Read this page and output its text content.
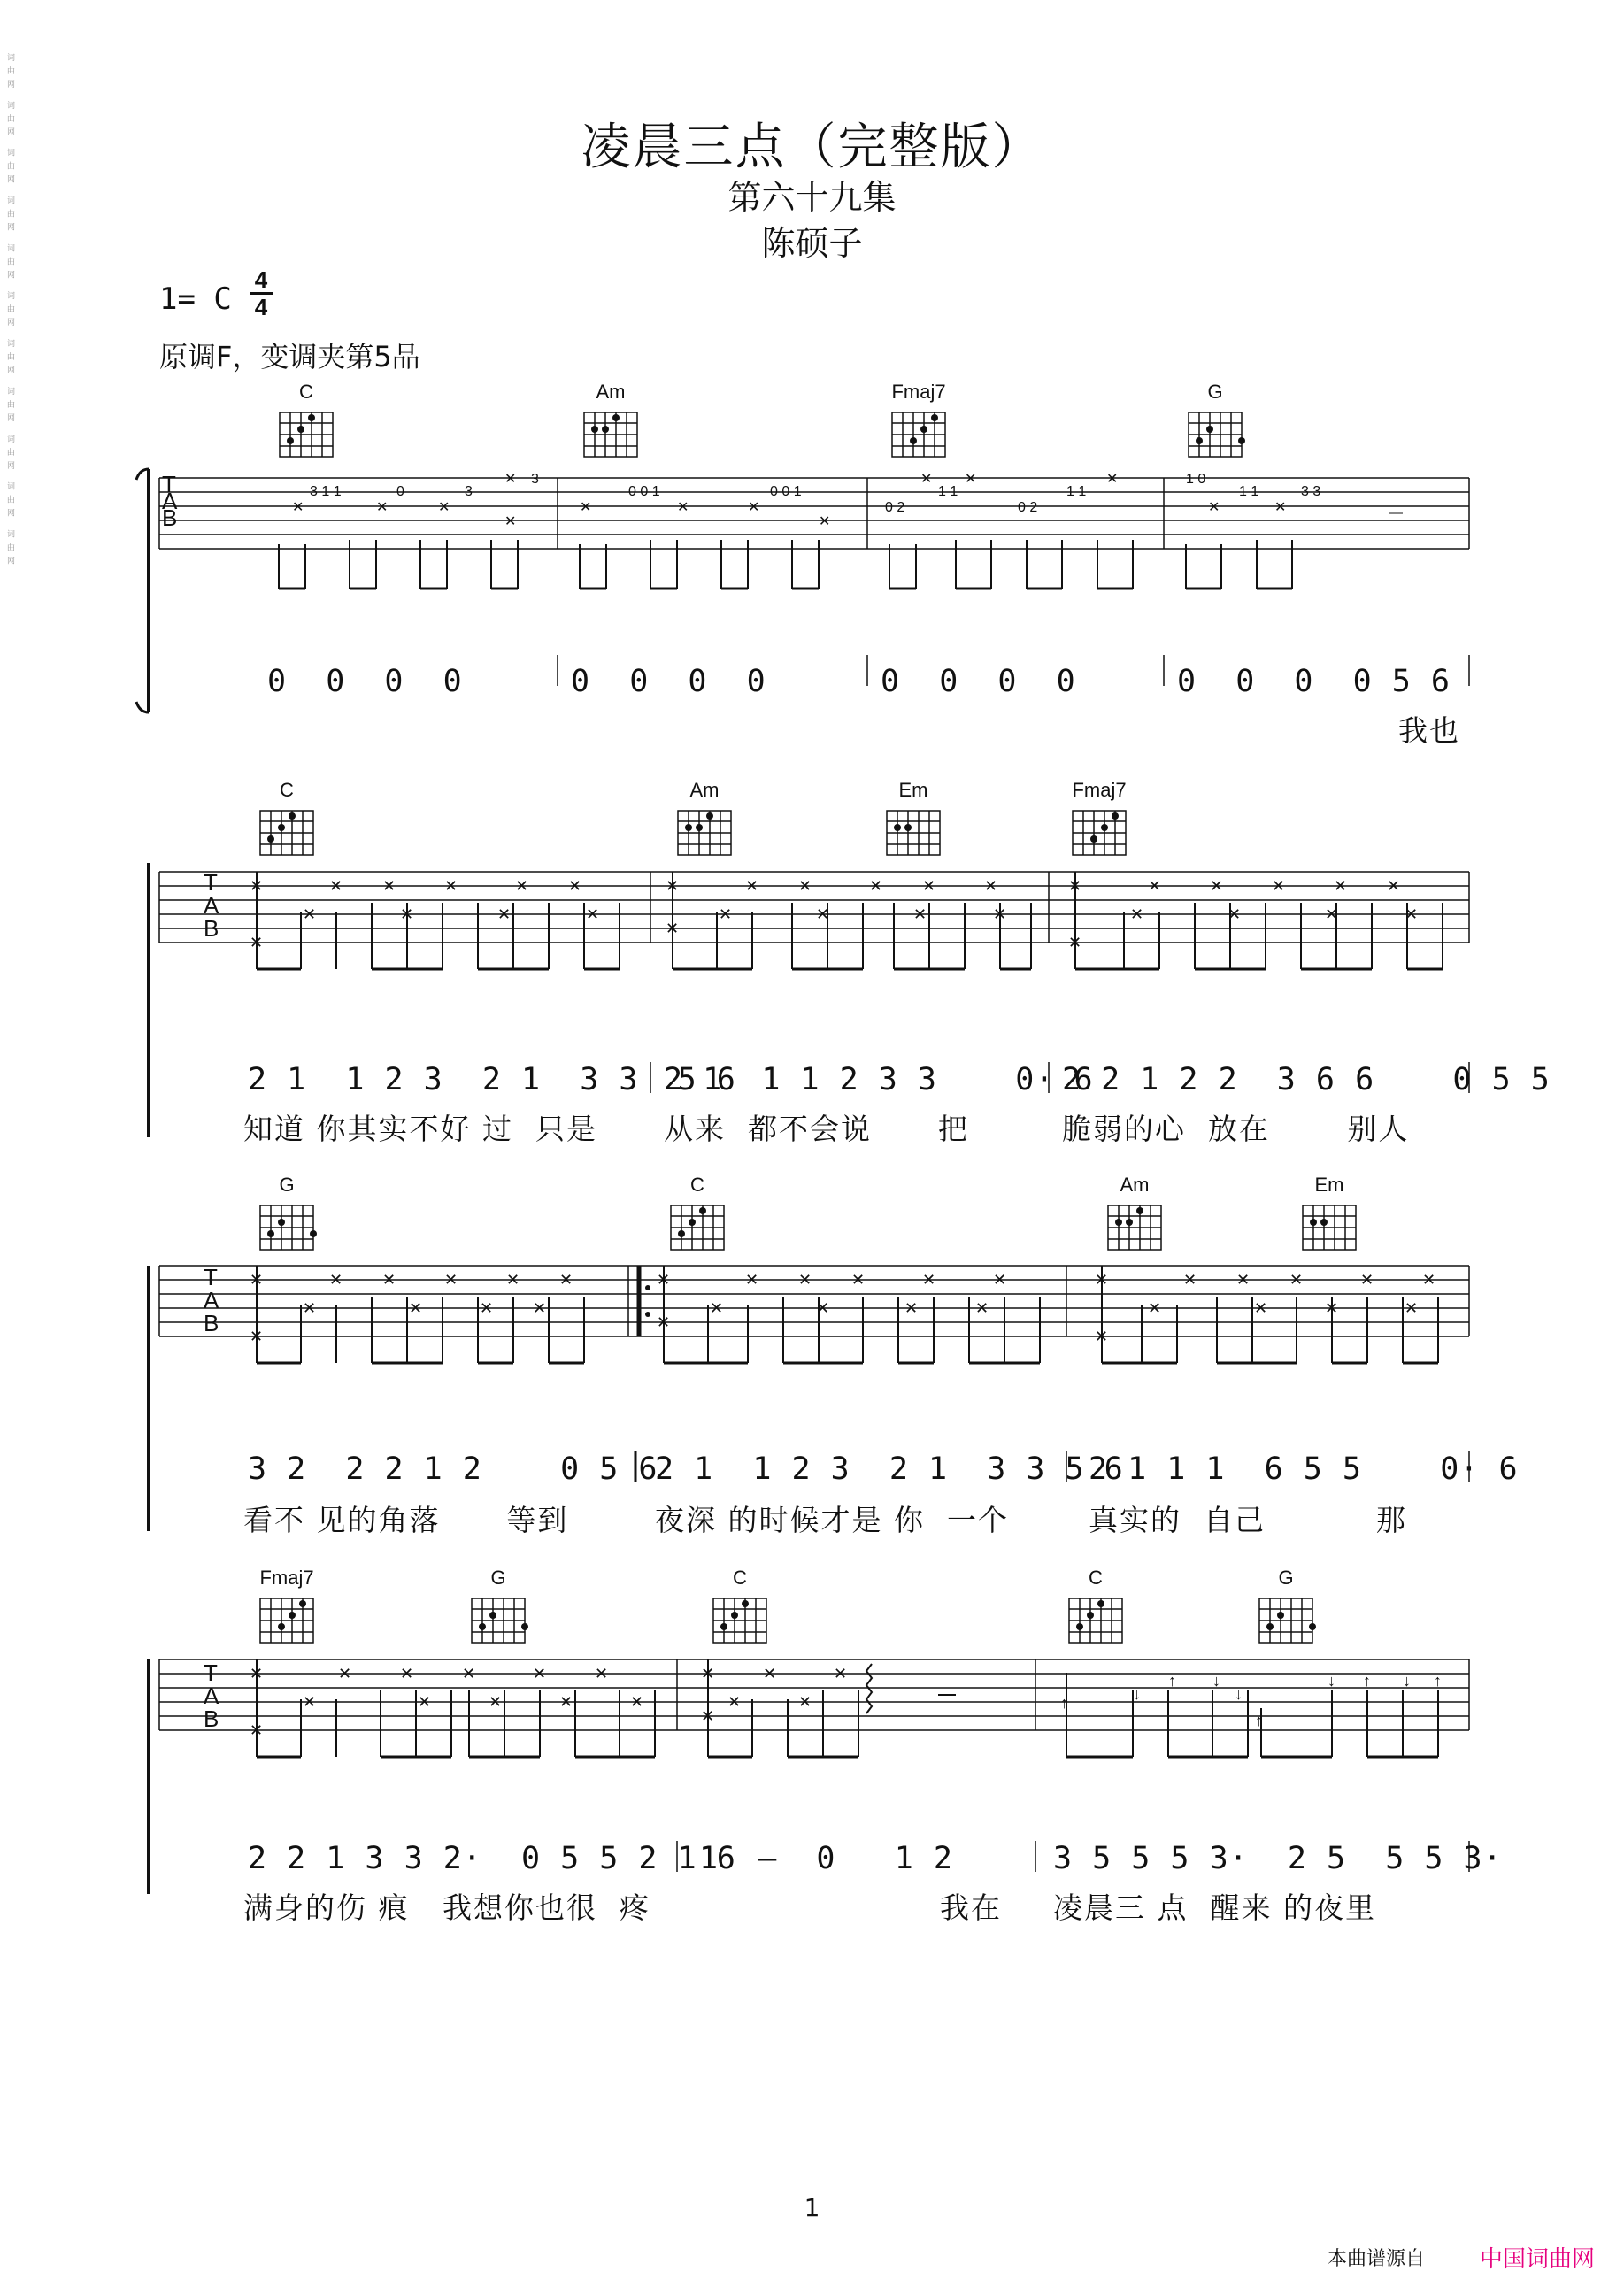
词曲网 词曲网 词曲网 词曲网 词曲网 词曲网 词曲网 词曲网 词曲网 词曲网 词曲网	凌晨三点（完整版）
第六十九集
陈硕子
1= C
4
4
原调F，变调夹第5品
3 1 1	0	3
3
0 0 1	0 0 1
0 2
1 1
0 2
1 1
1 0
1 1	3 3
✕ ✕	✕
✕
✕	✕	✕
✕
✕	✕	✕
✕
✕
✕
T
A
B
0  0  0  0	0  0  0  0	0  0  0  0	0  0  0  0 5 6
我也
C	Am	Fmaj7	G
✕	✕ ✕	✕	✕ ✕
✕	✕	✕	✕
✕
✕	✕ ✕	✕ ✕	✕
✕	✕	✕	✕
✕
✕	✕	✕	✕	✕ ✕
✕	✕	✕	✕
✕
T
A
B
2 1  1 2 3  2 1  3 3  5 6
2 1  1 1 2 3 3    0· 6
2 2 1 2 2  3 6 6    0 5 5
知道 你其实不好 过  只是 从来  都不会说      把	脆弱的心  放在       别人
C	Am	Em	Fmaj7
✕	✕ ✕	✕	✕ ✕
✕	✕	✕ ✕
✕
✕	✕ ✕ ✕	✕	✕
✕	✕	✕	✕
✕
✕	✕ ✕ ✕	✕	✕
✕	✕	✕	✕
✕
T
A
B
3 2  2 2 1 2    0 5 6
2 1  1 2 3  2 1  3 3 5 6
2 1 1 1  6 5 5    0· 6
看不 见的角落      等到	夜深 的时候才是 你  一个	真实的  自己          那
G	C	Am	Em
✕	✕	✕	✕	✕	✕
✕	✕	✕	✕	✕
✕
✕	✕	✕
✕	✕
✕
↓
↑ ↓
↓
↓ ↑ ↓ ↑
↑
↑
T
A
B
2 2 1 3 3 2·  0 5 5 2 1 6
1  –  0   1 2	3 5 5 5 3·  2 5  5 5 3·
满身的伤 痕   我想你也很  疼	我在 凌晨三 点  醒来 的夜里
Fmaj7	G	C	C	G
1
本曲谱源自 中国词曲网
